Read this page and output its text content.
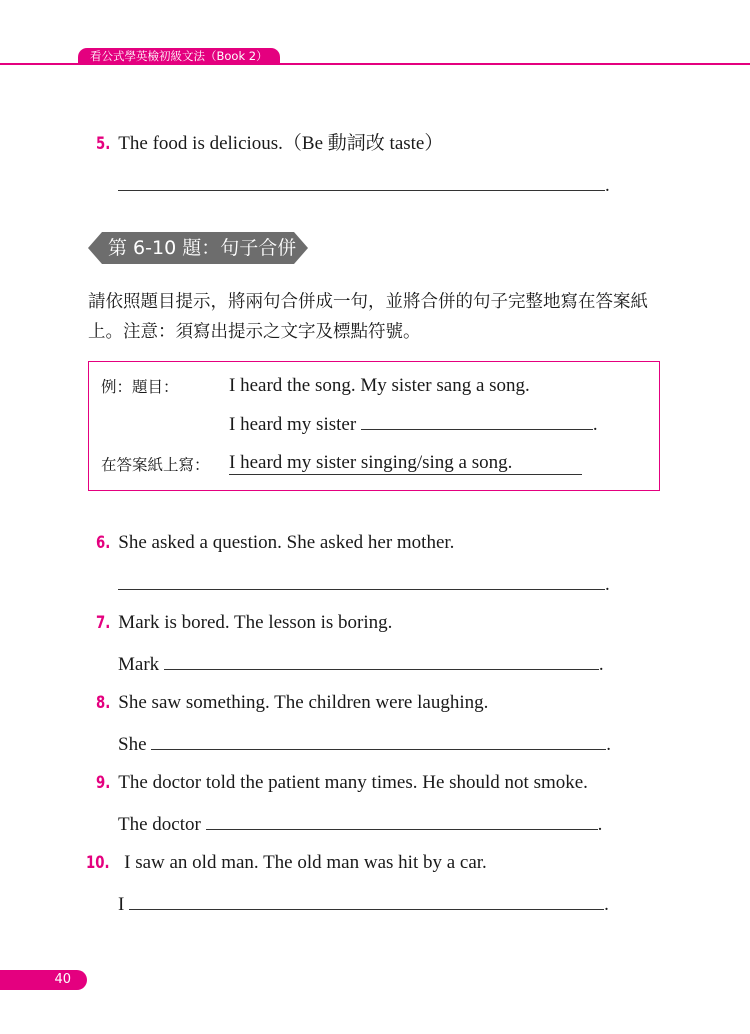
看公式學英檢初級文法（Book 2）
5. The food is delicious.（Be 動詞改 taste）
.
第 6-10 題：句子合併
請依照題目提示，將兩句合併成一句，並將合併的句子完整地寫在答案紙
上。注意：須寫出提示之文字及標點符號。
例：題目：	I heard the song. My sister sang a song.
I heard my sister	.
在答案紙上寫： I heard my sister singing/sing a song.
6. She asked a question. She asked her mother.
.
7. Mark is bored. The lesson is boring.
Mark	.
8. She saw something. The children were laughing.
She	.
9. The doctor told the patient many times. He should not smoke.
The doctor	.
10. I saw an old man. The old man was hit by a car.
I	.
40
